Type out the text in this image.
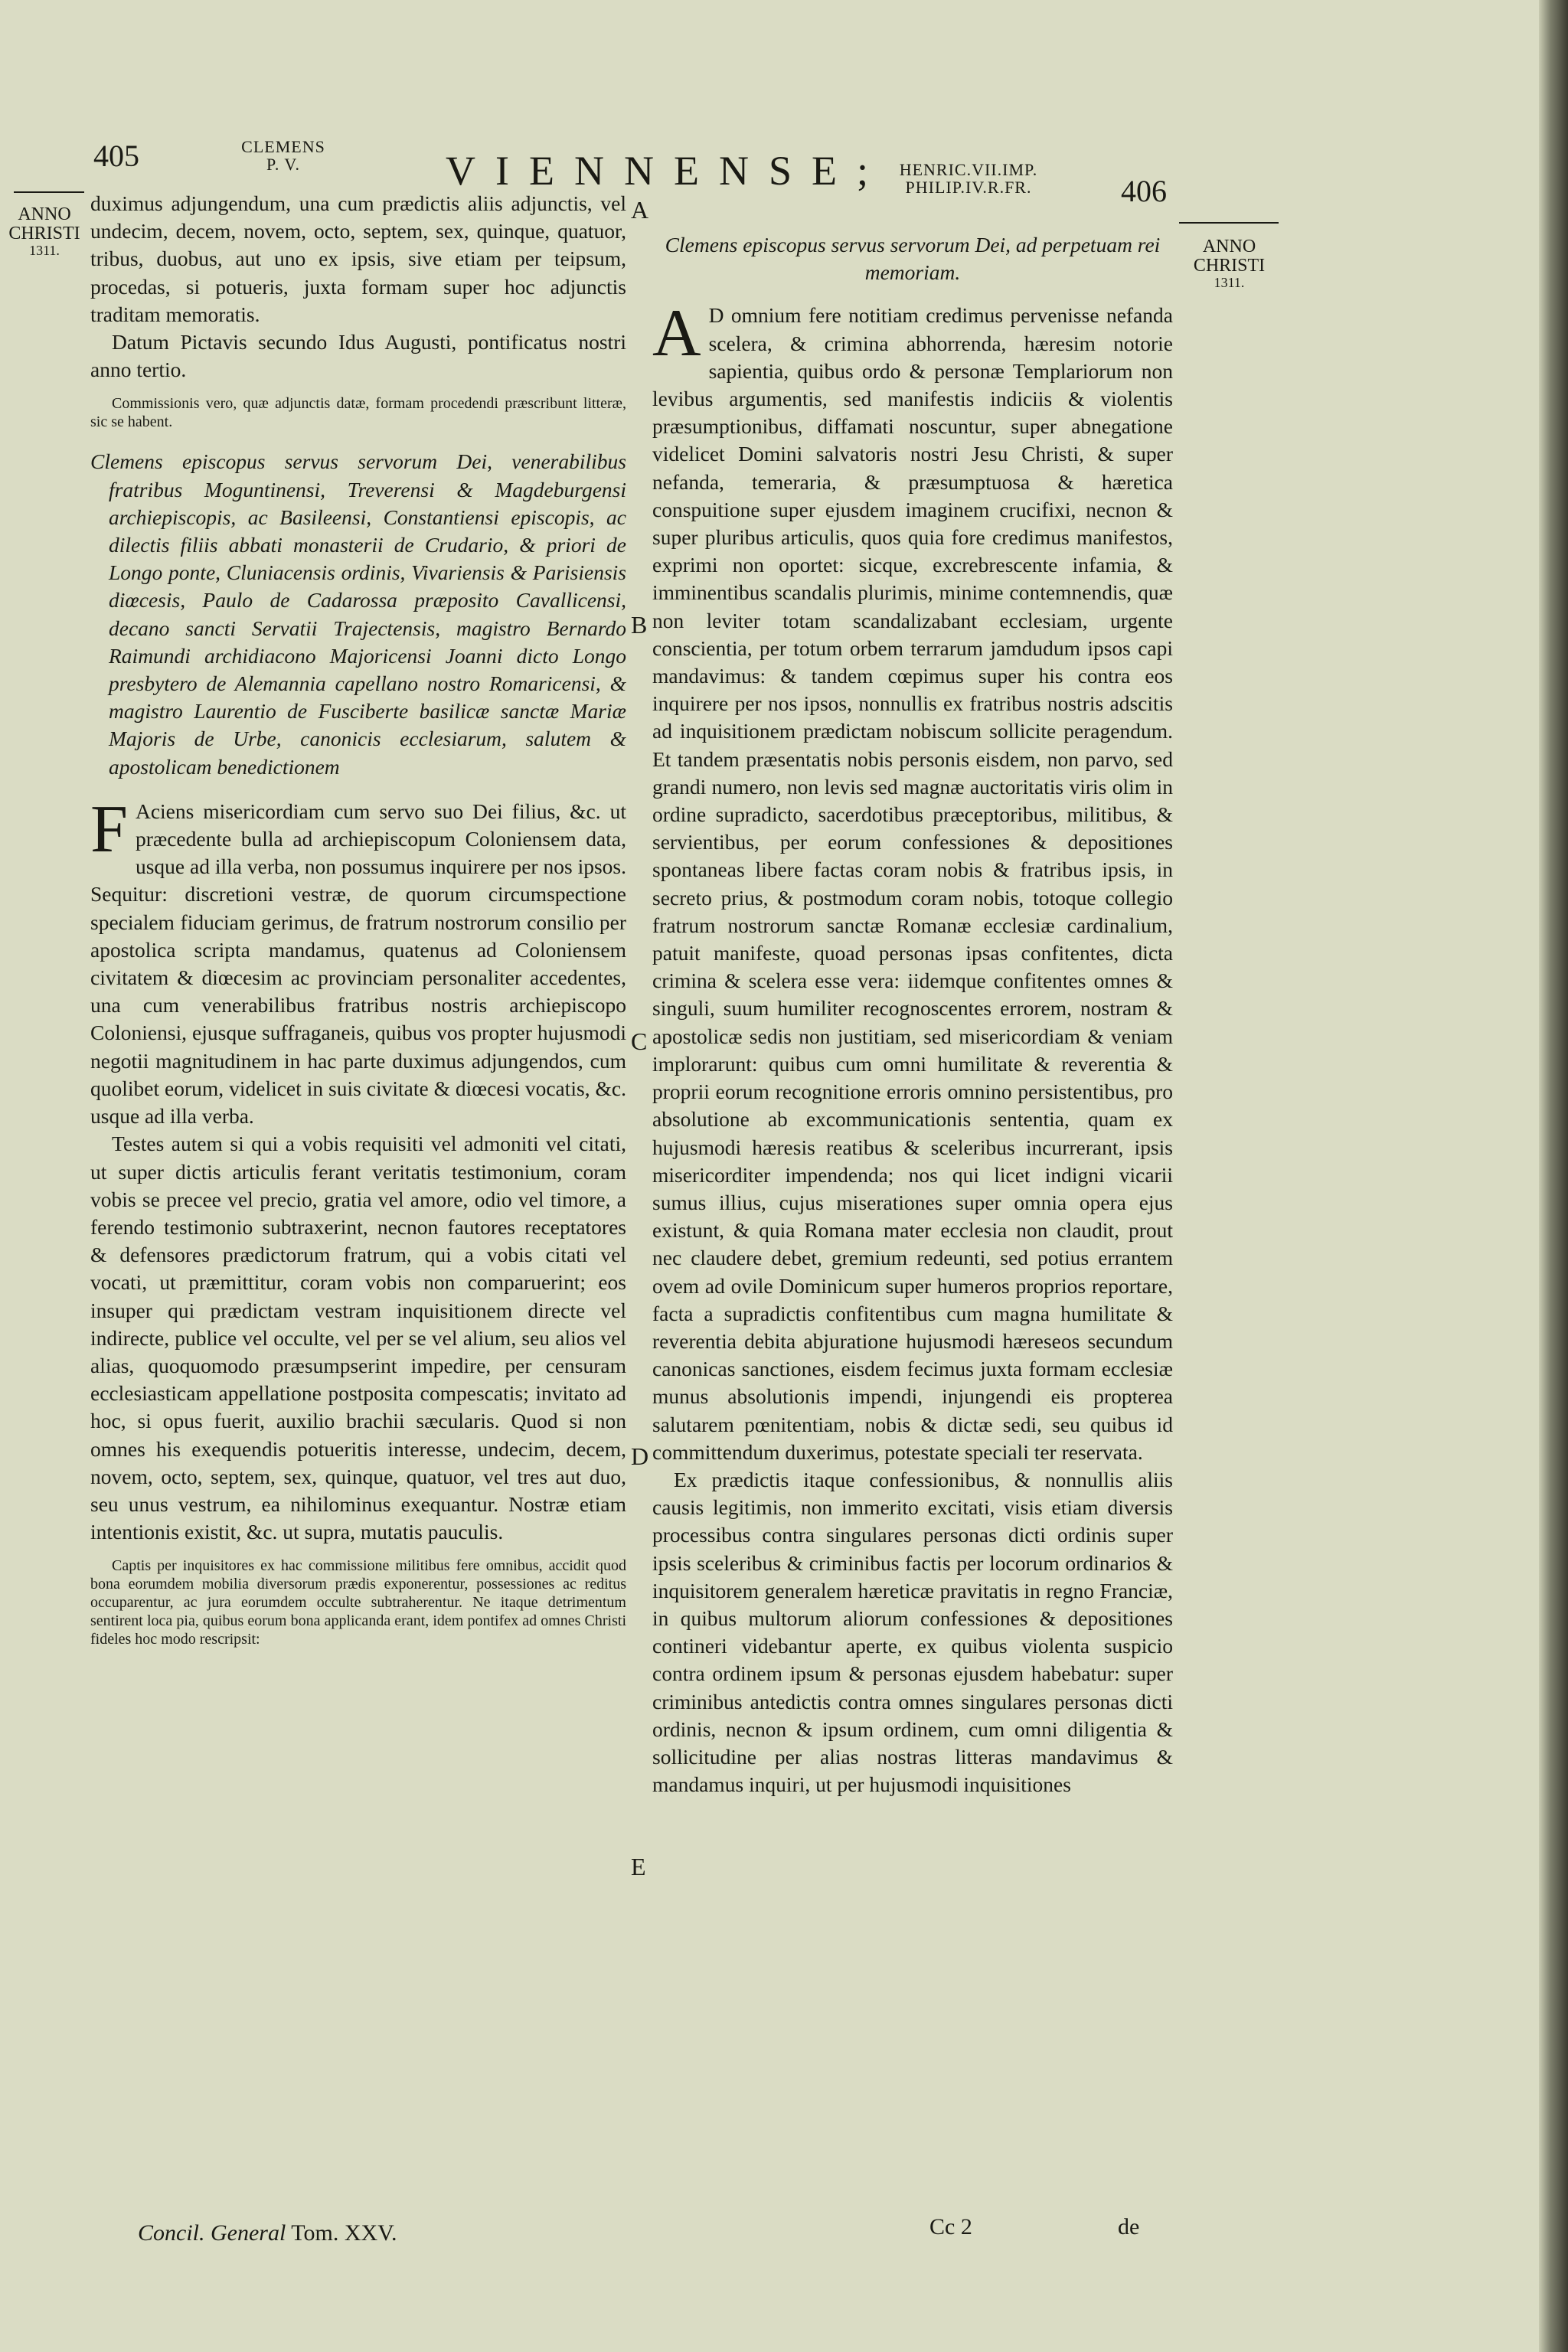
405	CLEMENS
P. V.	VIENNENSE; HENRIC.VII.IMP.
PHILIP.IV.R.FR.	406
ANNO
CHRISTI
1311.	ANNO
CHRISTI
1311.
A
B
C
D
E

duximus adjungendum, una cum prædictis aliis adjunctis, vel undecim, decem, novem, octo, septem, sex, quinque, quatuor, tribus, duobus, aut uno ex ipsis, sive etiam per teipsum, procedas, si potueris, juxta formam super hoc adjunctis traditam memoratis.

Datum Pictavis secundo Idus Augusti, pontificatus nostri anno tertio.

Commissionis vero, quæ adjunctis datæ, formam procedendi præscribunt litteræ, sic se habent.

Clemens episcopus servus servorum Dei, venerabilibus fratribus Moguntinensi, Treverensi & Magdeburgensi archiepiscopis, ac Basileensi, Constantiensi episcopis, ac dilectis filiis abbati monasterii de Crudario, & priori de Longo ponte, Cluniacensis ordinis, Vivariensis & Parisiensis diœcesis, Paulo de Cadarossa præposito Cavallicensi, decano sancti Servatii Trajectensis, magistro Bernardo Raimundi archidiacono Majoricensi Joanni dicto Longo presbytero de Alemannia capellano nostro Romaricensi, & magistro Laurentio de Fusciberte basilicæ sanctæ Mariæ Majoris de Urbe, canonicis ecclesiarum, salutem & apostolicam benedictionem

F Aciens misericordiam cum servo suo Dei filius, &c. ut præcedente bulla ad archiepiscopum Coloniensem data, usque ad illa verba, non possumus inquirere per nos ipsos. Sequitur: discretioni vestræ, de quorum circumspectione specialem fiduciam gerimus, de fratrum nostrorum consilio per apostolica scripta mandamus, quatenus ad Coloniensem civitatem & diœcesim ac provinciam personaliter accedentes, una cum venerabilibus fratribus nostris archiepiscopo Coloniensi, ejusque suffraganeis, quibus vos propter hujusmodi negotii magnitudinem in hac parte duximus adjungendos, cum quolibet eorum, videlicet in suis civitate & diœcesi vocatis, &c. usque ad illa verba.

Testes autem si qui a vobis requisiti vel admoniti vel citati, ut super dictis articulis ferant veritatis testimonium, coram vobis se precee vel precio, gratia vel amore, odio vel timore, a ferendo testimonio subtraxerint, necnon fautores receptatores & defensores prædictorum fratrum, qui a vobis citati vel vocati, ut præmittitur, coram vobis non comparuerint; eos insuper qui prædictam vestram inquisitionem directe vel indirecte, publice vel occulte, vel per se vel alium, seu alios vel alias, quoquomodo præsumpserint impedire, per censuram ecclesiasticam appellatione postposita compescatis; invitato ad hoc, si opus fuerit, auxilio brachii sæcularis. Quod si non omnes his exequendis potueritis interesse, undecim, decem, novem, octo, septem, sex, quinque, quatuor, vel tres aut duo, seu unus vestrum, ea nihilominus exequantur. Nostræ etiam intentionis existit, &c. ut supra, mutatis pauculis.

Captis per inquisitores ex hac commissione militibus fere omnibus, accidit quod bona eorumdem mobilia diversorum prædis exponerentur, possessiones ac reditus occuparentur, ac jura eorumdem occulte subtraherentur. Ne itaque detrimentum sentirent loca pia, quibus eorum bona applicanda erant, idem pontifex ad omnes Christi fideles hoc modo rescripsit:

Clemens episcopus servus servorum Dei, ad perpetuam rei memoriam.

A D omnium fere notitiam credimus pervenisse nefanda scelera, & crimina abhorrenda, hæresim notorie sapientia, quibus ordo & personæ Templariorum non levibus argumentis, sed manifestis indiciis & violentis præsumptionibus, diffamati noscuntur, super abnegatione videlicet Domini salvatoris nostri Jesu Christi, & super nefanda, temeraria, & præsumptuosa & hæretica conspuitione super ejusdem imaginem crucifixi, necnon & super pluribus articulis, quos quia fore credimus manifestos, exprimi non oportet: sicque, excrebrescente infamia, & imminentibus scandalis plurimis, minime contemnendis, quæ non leviter totam scandalizabant ecclesiam, urgente conscientia, per totum orbem terrarum jamdudum ipsos capi mandavimus: & tandem cœpimus super his contra eos inquirere per nos ipsos, nonnullis ex fratribus nostris adscitis ad inquisitionem prædictam nobiscum sollicite peragendum. Et tandem præsentatis nobis personis eisdem, non parvo, sed grandi numero, non levis sed magnæ auctoritatis viris olim in ordine supradicto, sacerdotibus præceptoribus, militibus, & servientibus, per eorum confessiones & depositiones spontaneas libere factas coram nobis & fratribus ipsis, in secreto prius, & postmodum coram nobis, totoque collegio fratrum nostrorum sanctæ Romanæ ecclesiæ cardinalium, patuit manifeste, quoad personas ipsas confitentes, dicta crimina & scelera esse vera: iidemque confitentes omnes & singuli, suum humiliter recognoscentes errorem, nostram & apostolicæ sedis non justitiam, sed misericordiam & veniam implorarunt: quibus cum omni humilitate & reverentia & proprii eorum recognitione erroris omnino persistentibus, pro absolutione ab excommunicationis sententia, quam ex hujusmodi hæresis reatibus & sceleribus incurrerant, ipsis misericorditer impendenda; nos qui licet indigni vicarii sumus illius, cujus miserationes super omnia opera ejus existunt, & quia Romana mater ecclesia non claudit, prout nec claudere debet, gremium redeunti, sed potius errantem ovem ad ovile Dominicum super humeros proprios reportare, facta a supradictis confitentibus cum magna humilitate & reverentia debita abjuratione hujusmodi hæreseos secundum canonicas sanctiones, eisdem fecimus juxta formam ecclesiæ munus absolutionis impendi, injungendi eis propterea salutarem pœnitentiam, nobis & dictæ sedi, seu quibus id committendum duxerimus, potestate speciali ter reservata.

Ex prædictis itaque confessionibus, & nonnullis aliis causis legitimis, non immerito excitati, visis etiam diversis processibus contra singulares personas dicti ordinis super ipsis sceleribus & criminibus factis per locorum ordinarios & inquisitorem generalem hæreticæ pravitatis in regno Franciæ, in quibus multorum aliorum confessiones & depositiones contineri videbantur aperte, ex quibus violenta suspicio contra ordinem ipsum & personas ejusdem habebatur: super criminibus antedictis contra omnes singulares personas dicti ordinis, necnon & ipsum ordinem, cum omni diligentia & sollicitudine per alias nostras litteras mandavimus & mandamus inquiri, ut per hujusmodi inquisitiones

Concil. General Tom. XXV.	Cc 2	de
